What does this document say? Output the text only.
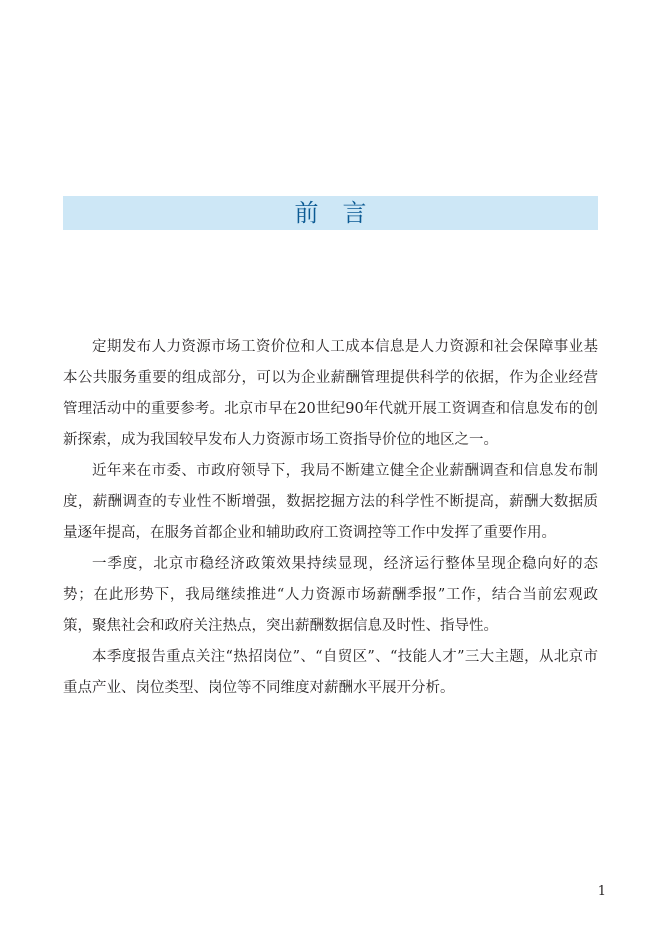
前言

定期发布人力资源市场工资价位和人工成本信息是人力资源和社会保障事业基本公共服务重要的组成部分，可以为企业薪酬管理提供科学的依据，作为企业经营管理活动中的重要参考。北京市早在20世纪90年代就开展工资调查和信息发布的创新探索，成为我国较早发布人力资源市场工资指导价位的地区之一。

近年来在市委、市政府领导下，我局不断建立健全企业薪酬调查和信息发布制度，薪酬调查的专业性不断增强，数据挖掘方法的科学性不断提高，薪酬大数据质量逐年提高，在服务首都企业和辅助政府工资调控等工作中发挥了重要作用。

一季度，北京市稳经济政策效果持续显现，经济运行整体呈现企稳向好的态势；在此形势下，我局继续推进“人力资源市场薪酬季报”工作，结合当前宏观政策，聚焦社会和政府关注热点，突出薪酬数据信息及时性、指导性。

本季度报告重点关注“热招岗位”、“自贸区”、“技能人才”三大主题，从北京市重点产业、岗位类型、岗位等不同维度对薪酬水平展开分析。

1
